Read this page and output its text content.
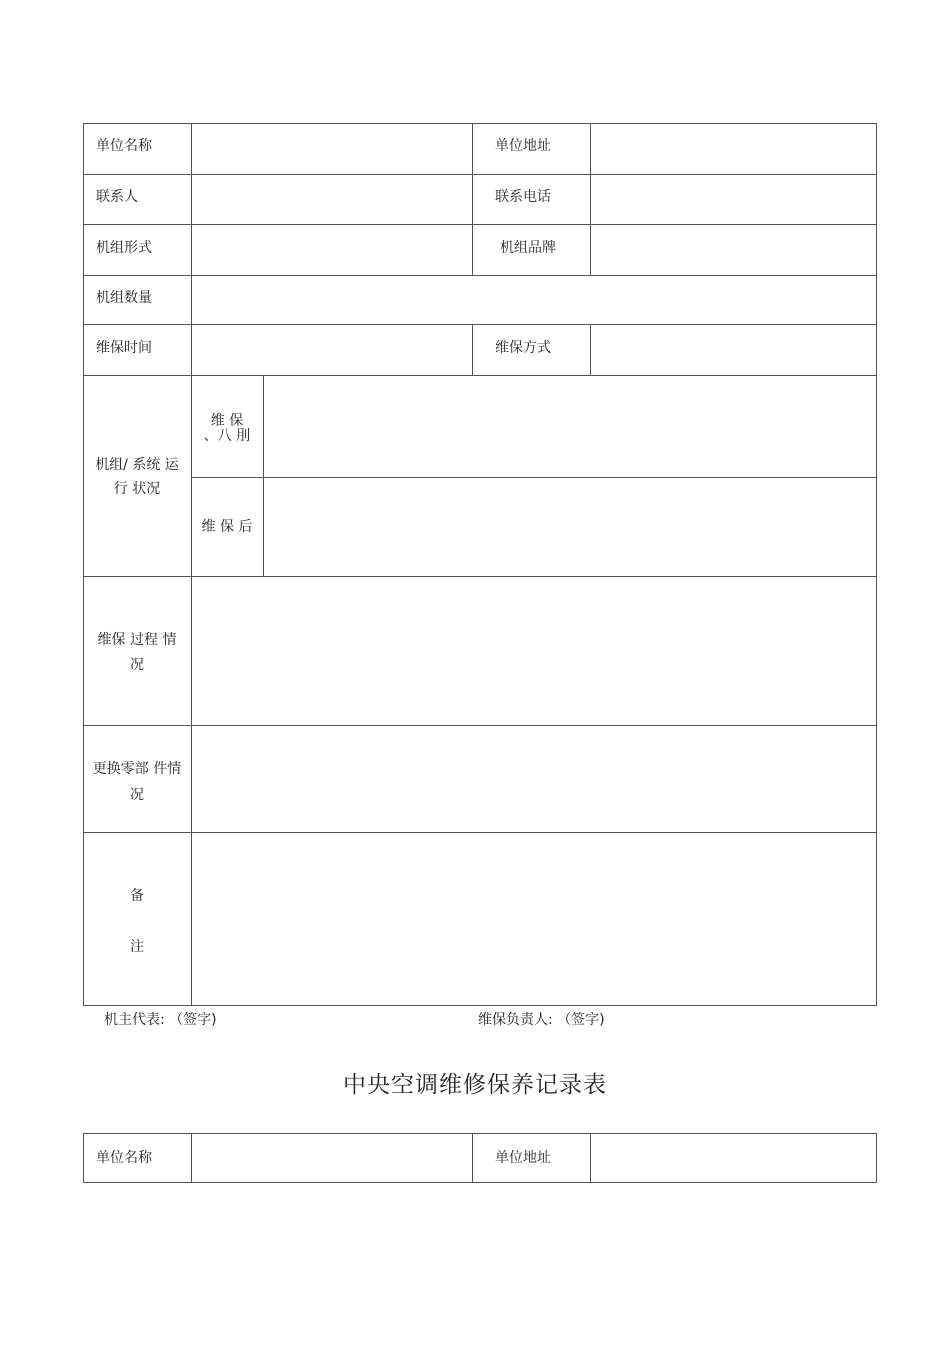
单位名称	单位地址
联系人	联系电话
机组形式	机组品牌
机组数量
维保时间	维保方式
机组/ 系统 运
行 状况
维 保
、八 刖
维 保 后
维保 过程 情
况
更换零部 件情
况
备
注
机主代表: （签字)	维保负责人: （签字)
中央空调维修保养记录表
单位名称	单位地址
